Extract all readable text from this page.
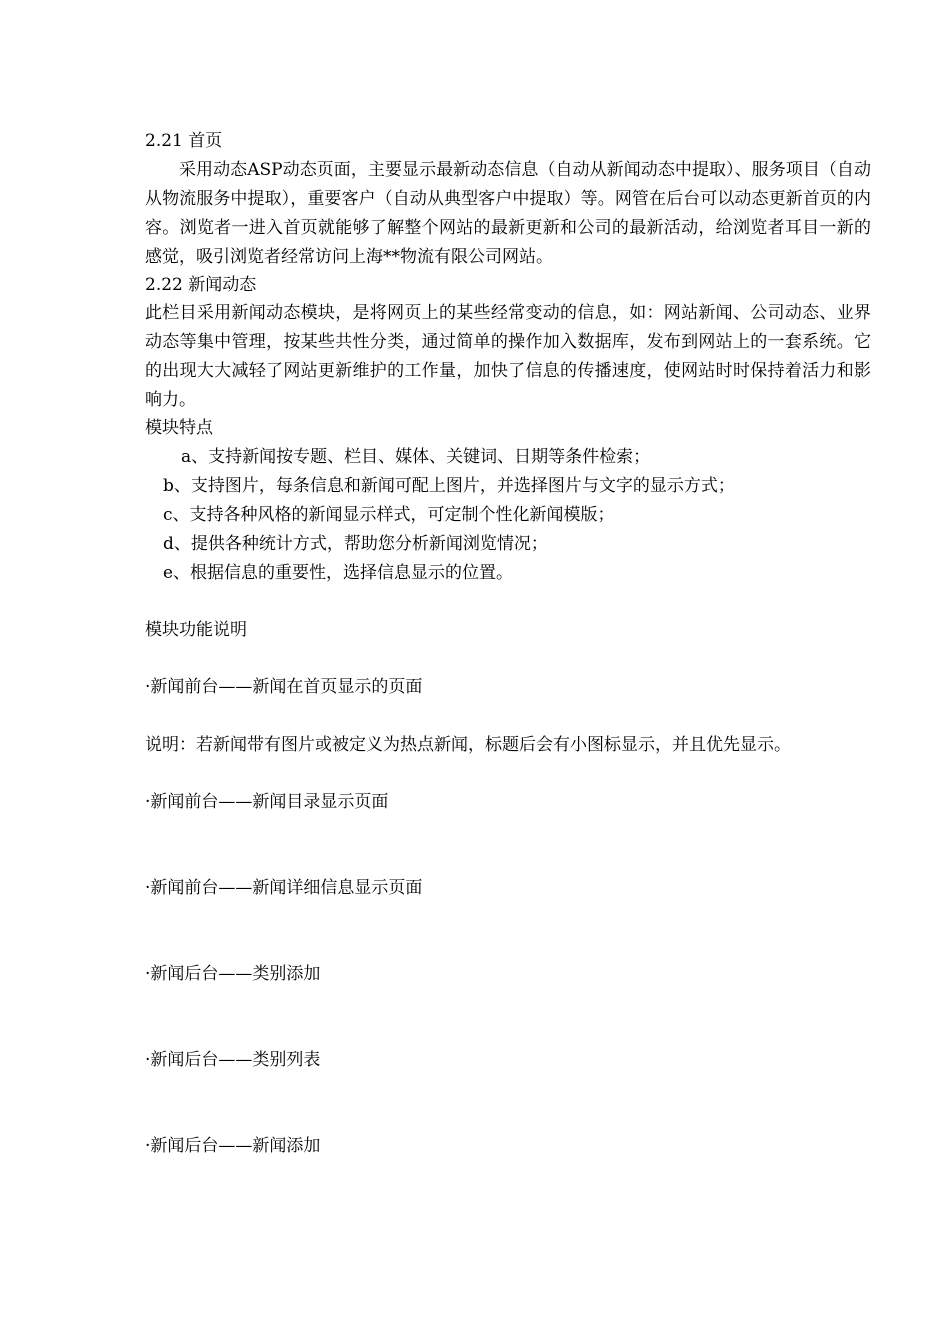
2.21 首页

采用动态ASP动态页面，主要显示最新动态信息（自动从新闻动态中提取）、服务项目（自动从物流服务中提取），重要客户（自动从典型客户中提取）等。网管在后台可以动态更新首页的内容。浏览者一进入首页就能够了解整个网站的最新更新和公司的最新活动，给浏览者耳目一新的感觉，吸引浏览者经常访问上海**物流有限公司网站。

2.22 新闻动态

此栏目采用新闻动态模块，是将网页上的某些经常变动的信息，如：网站新闻、公司动态、业界动态等集中管理，按某些共性分类，通过简单的操作加入数据库，发布到网站上的一套系统。它的出现大大减轻了网站更新维护的工作量，加快了信息的传播速度，使网站时时保持着活力和影响力。

模块特点
a、支持新闻按专题、栏目、媒体、关键词、日期等条件检索；
b、支持图片，每条信息和新闻可配上图片，并选择图片与文字的显示方式；
c、支持各种风格的新闻显示样式，可定制个性化新闻模版；
d、提供各种统计方式，帮助您分析新闻浏览情况；
e、根据信息的重要性，选择信息显示的位置。
模块功能说明
·新闻前台——新闻在首页显示的页面
说明：若新闻带有图片或被定义为热点新闻，标题后会有小图标显示，并且优先显示。
·新闻前台——新闻目录显示页面
·新闻前台——新闻详细信息显示页面
·新闻后台——类别添加
·新闻后台——类别列表
·新闻后台——新闻添加
